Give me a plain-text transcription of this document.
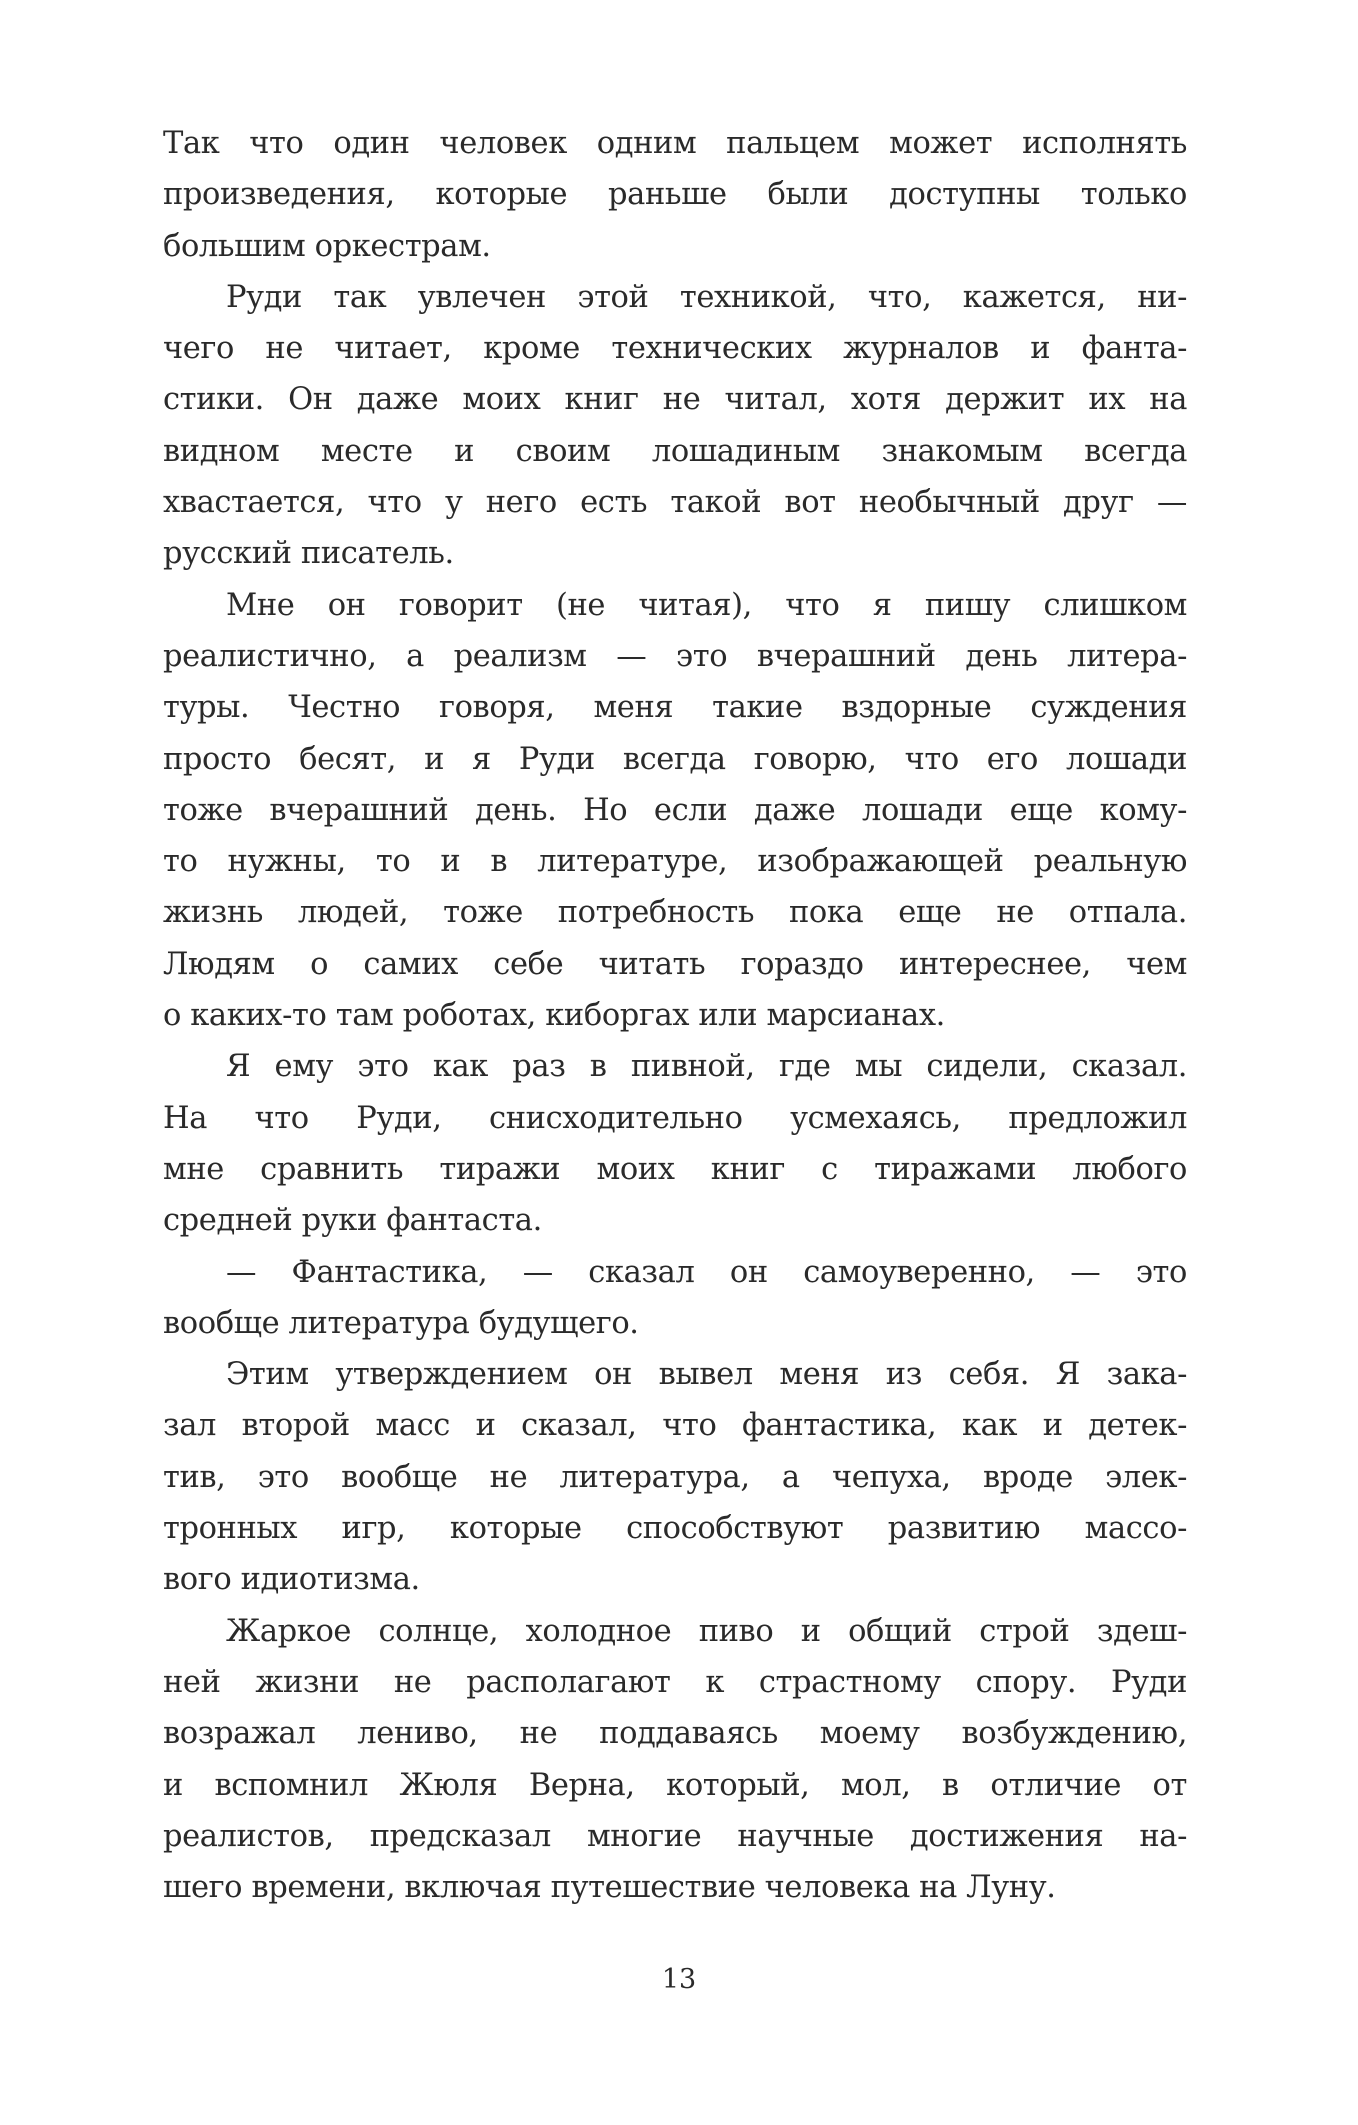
Так что один человек одним пальцем может исполнять
произведения, которые раньше были доступны только
большим оркестрам.
Руди так увлечен этой техникой, что, кажется, ни-
чего не читает, кроме технических журналов и фанта-
стики. Он даже моих книг не читал, хотя держит их на
видном месте и своим лошадиным знакомым всегда
хвастается, что у него есть такой вот необычный друг —
русский писатель.
Мне он говорит (не читая), что я пишу слишком
реалистично, а реализм — это вчерашний день литера-
туры. Честно говоря, меня такие вздорные суждения
просто бесят, и я Руди всегда говорю, что его лошади
тоже вчерашний день. Но если даже лошади еще кому-
то нужны, то и в литературе, изображающей реальную
жизнь людей, тоже потребность пока еще не отпала.
Людям о самих себе читать гораздо интереснее, чем
о каких-то там роботах, киборгах или марсианах.
Я ему это как раз в пивной, где мы сидели, сказал.
На что Руди, снисходительно усмехаясь, предложил
мне сравнить тиражи моих книг с тиражами любого
средней руки фантаста.
— Фантастика, — сказал он самоуверенно, — это
вообще литература будущего.
Этим утверждением он вывел меня из себя. Я зака-
зал второй масс и сказал, что фантастика, как и детек-
тив, это вообще не литература, а чепуха, вроде элек-
тронных игр, которые способствуют развитию массо-
вого идиотизма.
Жаркое солнце, холодное пиво и общий строй здеш-
ней жизни не располагают к страстному спору. Руди
возражал лениво, не поддаваясь моему возбуждению,
и вспомнил Жюля Верна, который, мол, в отличие от
реалистов, предсказал многие научные достижения на-
шего времени, включая путешествие человека на Луну.
13
